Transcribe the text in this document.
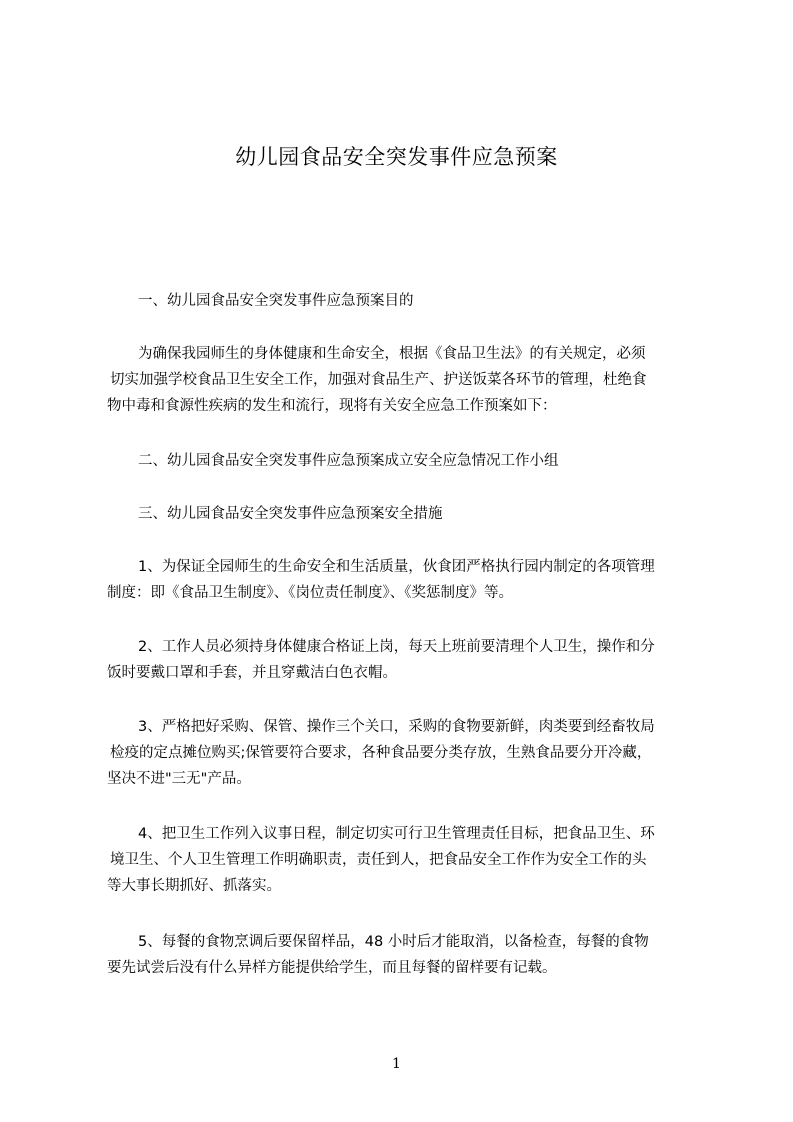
幼儿园食品安全突发事件应急预案
一、幼儿园食品安全突发事件应急预案目的
为确保我园师生的身体健康和生命安全，根据《食品卫生法》的有关规定，必须
切实加强学校食品卫生安全工作，加强对食品生产、护送饭菜各环节的管理，杜绝食
物中毒和食源性疾病的发生和流行，现将有关安全应急工作预案如下：
二、幼儿园食品安全突发事件应急预案成立安全应急情况工作小组
三、幼儿园食品安全突发事件应急预案安全措施
1、为保证全园师生的生命安全和生活质量，伙食团严格执行园内制定的各项管理
制度：即《食品卫生制度》、《岗位责任制度》、《奖惩制度》等。
2、工作人员必须持身体健康合格证上岗，每天上班前要清理个人卫生，操作和分
饭时要戴口罩和手套，并且穿戴洁白色衣帽。
3、严格把好采购、保管、操作三个关口，采购的食物要新鲜，肉类要到经畜牧局
检疫的定点摊位购买;保管要符合要求，各种食品要分类存放，生熟食品要分开冷藏，
坚决不进"三无"产品。
4、把卫生工作列入议事日程，制定切实可行卫生管理责任目标，把食品卫生、环
境卫生、个人卫生管理工作明确职责，责任到人，把食品安全工作作为安全工作的头
等大事长期抓好、抓落实。
5、每餐的食物烹调后要保留样品，48 小时后才能取消，以备检查，每餐的食物
要先试尝后没有什么异样方能提供给学生，而且每餐的留样要有记载。
1
